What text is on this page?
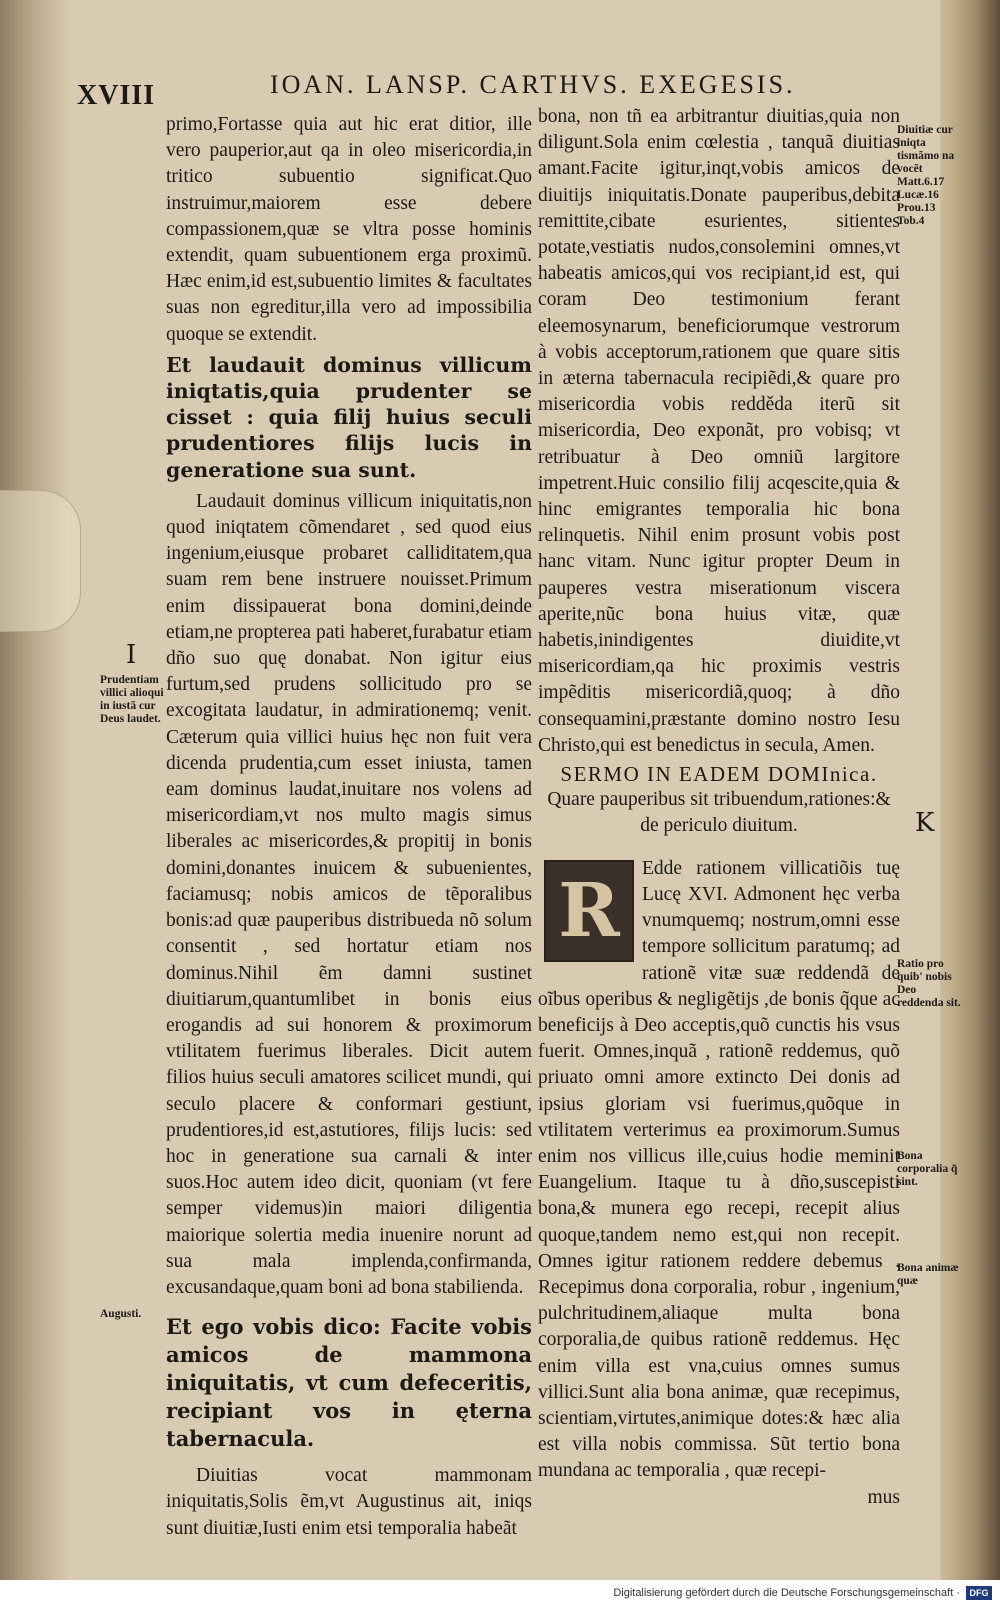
XVIII	IOAN. LANSP. CARTHVS. EXEGESIS.

primo,Fortasse quia aut hic erat ditior, ille vero pauperior,aut qa in oleo misericordia,in tritico subuentio significat.Quo instruimur,maiorem esse debere compassionem,quæ se vltra posse hominis extendit, quam subuentionem erga proximũ. Hæc enim,id est,subuentio limites & facultates suas non egreditur,illa vero ad impossibilia quoque se extendit.

Et laudauit dominus villicum iniqtatis,quia prudenter se cisset : quia filij huius seculi prudentiores filijs lucis in generatione sua sunt.

Laudauit dominus villicum iniquitatis,non quod iniqtatem cõmendaret , sed quod eius ingenium,eiusque probaret calliditatem,qua suam rem bene instruere nouisset.Primum enim dissipauerat bona domini,deinde etiam,ne propterea pati haberet,furabatur etiam dño suo quę donabat. Non igitur eius furtum,sed prudens sollicitudo pro se excogitata laudatur, in admirationemq; venit. Cæterum quia villici huius hęc non fuit vera dicenda prudentia,cum esset iniusta, tamen eam dominus laudat,inuitare nos volens ad misericordiam,vt nos multo magis simus liberales ac misericordes,& propitij in bonis domini,donantes inuicem & subuenientes, faciamusq; nobis amicos de tẽporalibus bonis:ad quæ pauperibus distribueda nõ solum consentit , sed hortatur etiam nos dominus.Nihil ẽm damni sustinet diuitiarum,quantumlibet in bonis eius erogandis ad sui honorem & proximorum vtilitatem fuerimus liberales. Dicit autem filios huius seculi amatores scilicet mundi, qui seculo placere & conformari gestiunt, prudentiores,id est,astutiores, filijs lucis: sed hoc in generatione sua carnali & inter suos.Hoc autem ideo dicit, quoniam (vt fere semper videmus)in maiori diligentia maiorique solertia media inuenire norunt ad sua mala implenda,confirmanda, excusandaque,quam boni ad bona stabilienda.

Et ego vobis dico: Facite vobis amicos de mammona iniquitatis, vt cum defeceritis, recipiant vos in ęterna tabernacula.

Diuitias vocat mammonam iniquitatis,Solis ẽm,vt Augustinus ait, iniqs sunt diuitiæ,Iusti enim etsi temporalia habeãt

bona, non tñ ea arbitrantur diuitias,quia non diligunt.Sola enim cœlestia , tanquã diuitias amant.Facite igitur,inqt,vobis amicos de diuitijs iniquitatis.Donate pauperibus,debita remittite,cibate esurientes, sitientes potate,vestiatis nudos,consolemini omnes,vt habeatis amicos,qui vos recipiant,id est, qui coram Deo testimonium ferant eleemosynarum, beneficiorumque vestrorum à vobis acceptorum,rationem que quare sitis in æterna tabernacula recipiẽdi,& quare pro misericordia vobis redděda iterũ sit misericordia, Deo exponãt, pro vobisq; vt retribuatur à Deo omniũ largitore impetrent.Huic consilio filij acqescite,quia & hinc emigrantes temporalia hic bona relinquetis. Nihil enim prosunt vobis post hanc vitam. Nunc igitur propter Deum in pauperes vestra miserationum viscera aperite,nũc bona huius vitæ, quæ habetis,inindigentes diuidite,vt misericordiam,qa hic proximis vestris impẽditis misericordiã,quoq; à dño consequamini,præstante domino nostro Iesu Christo,qui est benedictus in secula, Amen.

SERMO IN EADEM DOMInica.

Quare pauperibus sit tribuendum,rationes:& de periculo diuitum.

R	Edde rationem villicatiõis tuę Lucę XVI. Admonent hęc verba vnumquemq; nostrum,omni esse tempore sollicitum paratumq; ad rationẽ vitæ suæ reddendã de oĩbus operibus & negligẽtijs ,de bonis q̃que ac beneficijs à Deo acceptis,quõ cunctis his vsus fuerit. Omnes,inquã , rationẽ reddemus, quõ priuato omni amore extincto Dei donis ad ipsius gloriam vsi fuerimus,quõque in vtilitatem verterimus ea proximorum.Sumus enim nos villicus ille,cuius hodie meminit Euangelium. Itaque tu à dño,suscepisti bona,& munera ego recepi, recepit alius quoque,tandem nemo est,qui non recepit. Omnes igitur rationem reddere debemus . Recepimus dona corporalia, robur , ingenium, pulchritudinem,aliaque multa bona corporalia,de quibus rationẽ reddemus. Hęc enim villa est vna,cuius omnes sumus villici.Sunt alia bona animæ, quæ recepimus, scientiam,virtutes,animique dotes:& hæc alia est villa nobis commissa. Sũt tertio bona mundana ac temporalia , quæ recepi-

mus

Diuitiæ cur iniqta tismãmo na vocẽt Matt.6.17 Lucæ.16 Prou.13 Tob.4
I
Prudentiam villici alioqui in iustã cur Deus laudet.
Augusti.
K
Ratio pro quib' nobis Deo reddenda sit.
Bona corporalia q̃ sint.
Bona animæ quæ
Digitalisierung gefördert durch die Deutsche Forschungsgemeinschaft ·	DFG
